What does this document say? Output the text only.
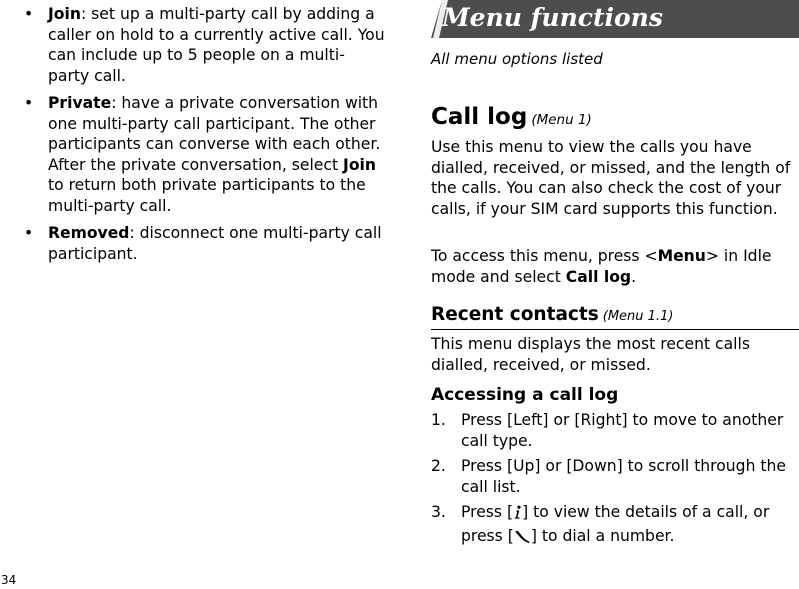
• Join: set up a multi-party call by adding a caller on hold to a currently active call. You can include up to 5 people on a multi-party call.
• Private: have a private conversation with one multi-party call participant. The other participants can converse with each other. After the private conversation, select Join to return both private participants to the multi-party call.
• Removed: disconnect one multi-party call participant.
34
Menu functions
All menu options listed
Call log (Menu 1)
Use this menu to view the calls you have dialled, received, or missed, and the length of the calls. You can also check the cost of your calls, if your SIM card supports this function.
To access this menu, press <Menu> in Idle mode and select Call log.
Recent contacts (Menu 1.1)
This menu displays the most recent calls dialled, received, or missed.
Accessing a call log
1. Press [Left] or [Right] to move to another call type.
2. Press [Up] or [Down] to scroll through the call list.
3. Press [ ] to view the details of a call, or press [ ] to dial a number.
